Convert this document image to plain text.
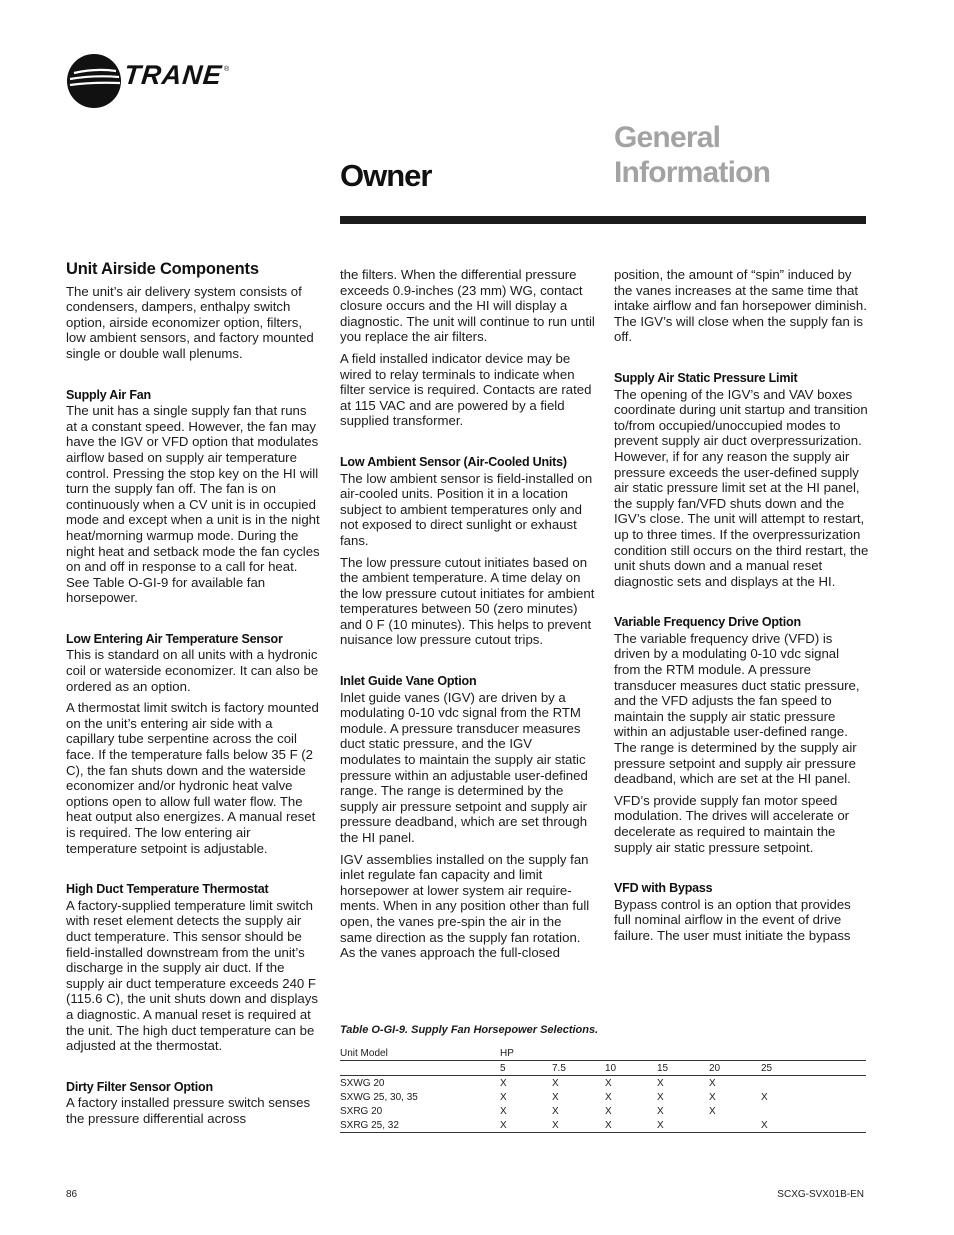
TRANE ®
Owner
General
Information
Unit Airside Components

The unit’s air delivery system consists of condensers, dampers, enthalpy switch option, airside economizer option, filters, low ambient sensors, and factory mounted single or double wall plenums.

Supply Air Fan

The unit has a single supply fan that runs at a constant speed. However, the fan may have the IGV or VFD option that modulates airflow based on supply air temperature control. Pressing the stop key on the HI will turn the supply fan off. The fan is on continuously when a CV unit is in occupied mode and except when a unit is in the night heat/morning warmup mode. During the night heat and setback mode the fan cycles on and off in response to a call for heat. See Table O-GI-9 for available fan horsepower.

Low Entering Air Temperature Sensor

This is standard on all units with a hydronic coil or waterside economizer. It can also be ordered as an option.

A thermostat limit switch is factory mounted on the unit’s entering air side with a capillary tube serpentine across the coil face. If the temperature falls below 35 F (2 C), the fan shuts down and the waterside economizer and/or hydronic heat valve options open to allow full water flow. The heat output also energizes. A manual reset is required. The low entering air temperature setpoint is adjustable.

High Duct Temperature Thermostat

A factory-supplied temperature limit switch with reset element detects the supply air duct temperature. This sensor should be field-installed downstream from the unit’s discharge in the supply air duct. If the supply air duct temperature exceeds 240 F (115.6 C), the unit shuts down and displays a diagnostic. A manual reset is required at the unit. The high duct temperature can be adjusted at the thermostat.

Dirty Filter Sensor Option

A factory installed pressure switch senses the pressure differential across

the filters. When the differential pressure exceeds 0.9-inches (23 mm) WG, contact closure occurs and the HI will display a diagnostic. The unit will continue to run until you replace the air filters.

A field installed indicator device may be wired to relay terminals to indicate when filter service is required. Contacts are rated at 115 VAC and are powered by a field supplied transformer.

Low Ambient Sensor (Air-Cooled Units)

The low ambient sensor is field-installed on air-cooled units. Position it in a location subject to ambient temperatures only and not exposed to direct sunlight or exhaust fans.

The low pressure cutout initiates based on the ambient temperature. A time delay on the low pressure cutout initiates for ambient temperatures between 50 (zero minutes) and 0 F (10 minutes). This helps to prevent nuisance low pressure cutout trips.

Inlet Guide Vane Option

Inlet guide vanes (IGV) are driven by a modulating 0-10 vdc signal from the RTM module. A pressure transducer measures duct static pressure, and the IGV modulates to maintain the supply air static pressure within an adjustable user-defined range. The range is determined by the supply air pressure setpoint and supply air pressure deadband, which are set through the HI panel.

IGV assemblies installed on the supply fan inlet regulate fan capacity and limit horsepower at lower system air require-ments. When in any position other than full open, the vanes pre-spin the air in the same direction as the supply fan rotation. As the vanes approach the full-closed

position, the amount of “spin” induced by the vanes increases at the same time that intake airflow and fan horsepower diminish. The IGV’s will close when the supply fan is off.

Supply Air Static Pressure Limit

The opening of the IGV’s and VAV boxes coordinate during unit startup and transition to/from occupied/unoccupied modes to prevent supply air duct overpressurization. However, if for any reason the supply air pressure exceeds the user-defined supply air static pressure limit set at the HI panel, the supply fan/VFD shuts down and the IGV’s close. The unit will attempt to restart, up to three times. If the overpressurization condition still occurs on the third restart, the unit shuts down and a manual reset diagnostic sets and displays at the HI.

Variable Frequency Drive Option

The variable frequency drive (VFD) is driven by a modulating 0-10 vdc signal from the RTM module. A pressure transducer measures duct static pressure, and the VFD adjusts the fan speed to maintain the supply air static pressure within an adjustable user-defined range. The range is determined by the supply air pressure setpoint and supply air pressure deadband, which are set at the HI panel.

VFD’s provide supply fan motor speed modulation. The drives will accelerate or decelerate as required to maintain the supply air static pressure setpoint.

VFD with Bypass

Bypass control is an option that provides full nominal airflow in the event of drive failure. The user must initiate the bypass

Table O-GI-9. Supply Fan Horsepower Selections.

Unit Model	HP					
	5	7.5	10	15	20	25
SXWG 20	X	X	X	X	X	
SXWG 25, 30, 35	X	X	X	X	X	X
SXRG 20	X	X	X	X	X	
SXRG 25, 32	X	X	X	X		X
86	SCXG-SVX01B-EN
